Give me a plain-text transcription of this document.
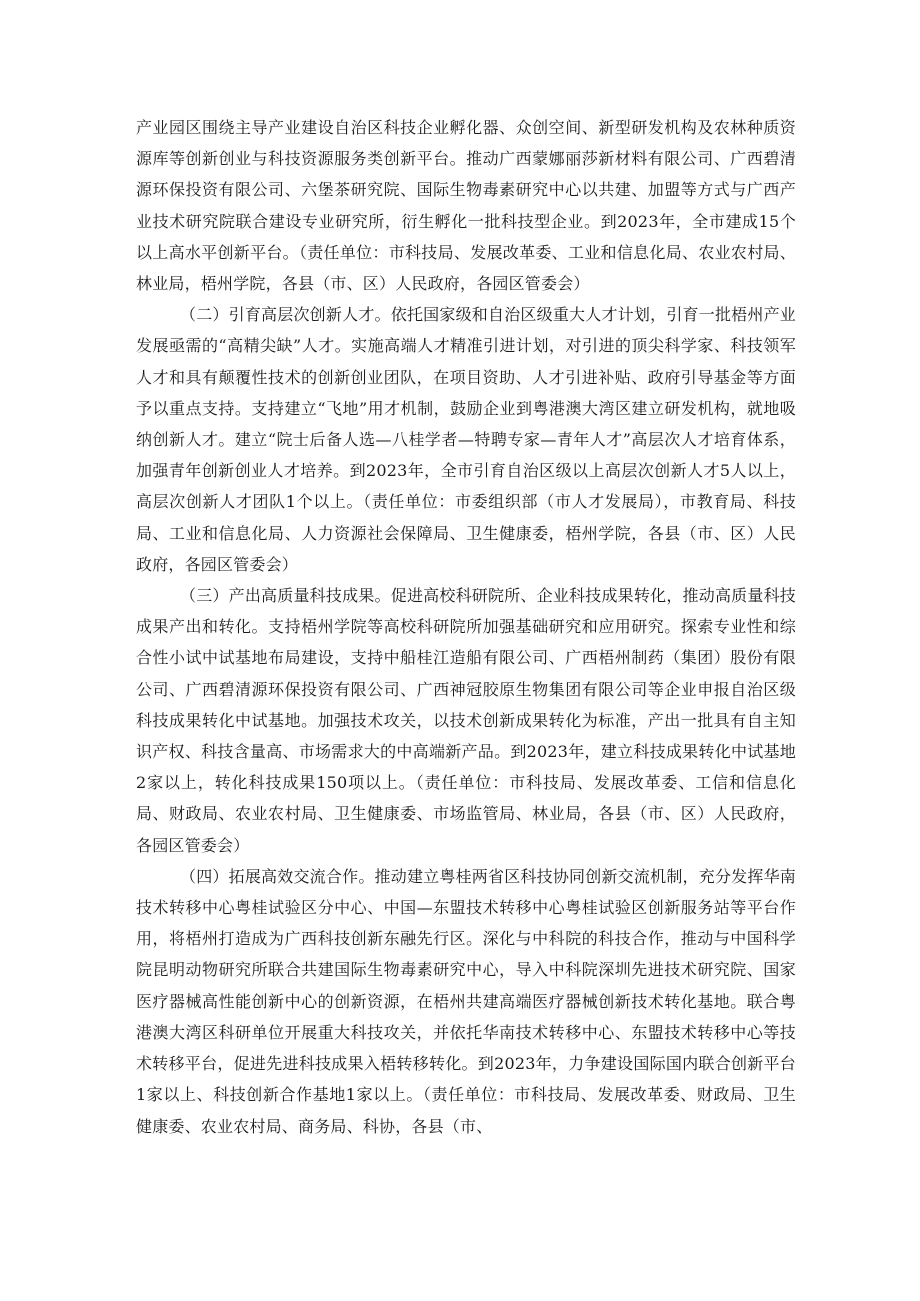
产业园区围绕主导产业建设自治区科技企业孵化器、众创空间、新型研发机构及农林种质资源库等创新创业与科技资源服务类创新平台。推动广西蒙娜丽莎新材料有限公司、广西碧清源环保投资有限公司、六堡茶研究院、国际生物毒素研究中心以共建、加盟等方式与广西产业技术研究院联合建设专业研究所，衍生孵化一批科技型企业。到2023年，全市建成15个以上高水平创新平台。（责任单位：市科技局、发展改革委、工业和信息化局、农业农村局、林业局，梧州学院，各县（市、区）人民政府，各园区管委会）

（二）引育高层次创新人才。依托国家级和自治区级重大人才计划，引育一批梧州产业发展亟需的“高精尖缺”人才。实施高端人才精准引进计划，对引进的顶尖科学家、科技领军人才和具有颠覆性技术的创新创业团队，在项目资助、人才引进补贴、政府引导基金等方面予以重点支持。支持建立“飞地”用才机制，鼓励企业到粤港澳大湾区建立研发机构，就地吸纳创新人才。建立“院士后备人选—八桂学者—特聘专家—青年人才”高层次人才培育体系，加强青年创新创业人才培养。到2023年，全市引育自治区级以上高层次创新人才5人以上，高层次创新人才团队1个以上。（责任单位：市委组织部（市人才发展局），市教育局、科技局、工业和信息化局、人力资源社会保障局、卫生健康委，梧州学院，各县（市、区）人民政府，各园区管委会）

（三）产出高质量科技成果。促进高校科研院所、企业科技成果转化，推动高质量科技成果产出和转化。支持梧州学院等高校科研院所加强基础研究和应用研究。探索专业性和综合性小试中试基地布局建设，支持中船桂江造船有限公司、广西梧州制药（集团）股份有限公司、广西碧清源环保投资有限公司、广西神冠胶原生物集团有限公司等企业申报自治区级科技成果转化中试基地。加强技术攻关，以技术创新成果转化为标准，产出一批具有自主知识产权、科技含量高、市场需求大的中高端新产品。到2023年，建立科技成果转化中试基地2家以上，转化科技成果150项以上。（责任单位：市科技局、发展改革委、工信和信息化局、财政局、农业农村局、卫生健康委、市场监管局、林业局，各县（市、区）人民政府，各园区管委会）

（四）拓展高效交流合作。推动建立粤桂两省区科技协同创新交流机制，充分发挥华南技术转移中心粤桂试验区分中心、中国—东盟技术转移中心粤桂试验区创新服务站等平台作用，将梧州打造成为广西科技创新东融先行区。深化与中科院的科技合作，推动与中国科学院昆明动物研究所联合共建国际生物毒素研究中心，导入中科院深圳先进技术研究院、国家医疗器械高性能创新中心的创新资源，在梧州共建高端医疗器械创新技术转化基地。联合粤港澳大湾区科研单位开展重大科技攻关，并依托华南技术转移中心、东盟技术转移中心等技术转移平台，促进先进科技成果入梧转移转化。到2023年，力争建设国际国内联合创新平台1家以上、科技创新合作基地1家以上。（责任单位：市科技局、发展改革委、财政局、卫生健康委、农业农村局、商务局、科协，各县（市、
